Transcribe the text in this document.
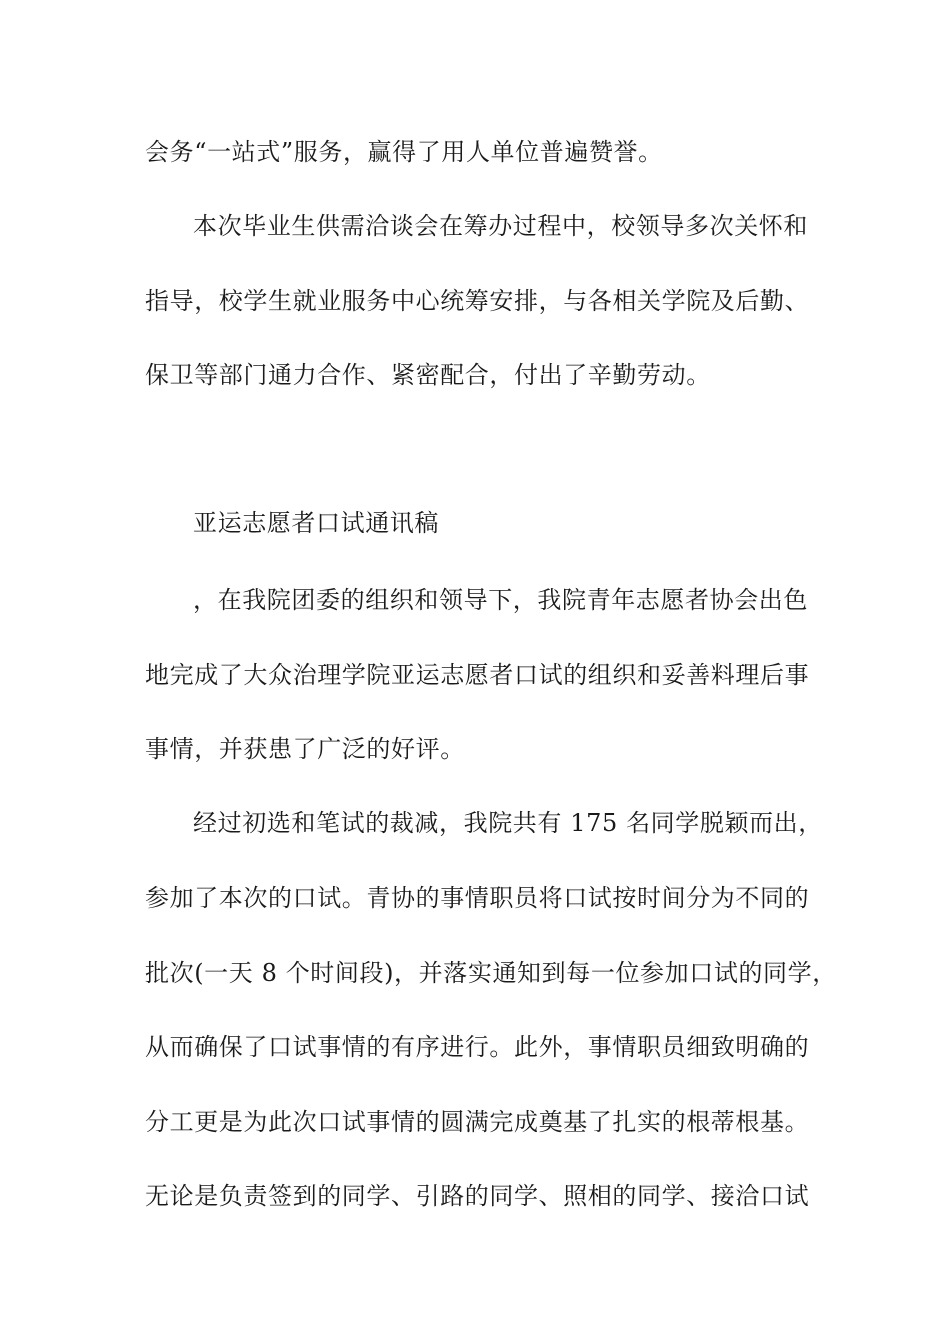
会务“一站式”服务，赢得了用人单位普遍赞誉。
本次毕业生供需洽谈会在筹办过程中，校领导多次关怀和
指导，校学生就业服务中心统筹安排，与各相关学院及后勤、
保卫等部门通力合作、紧密配合，付出了辛勤劳动。
亚运志愿者口试通讯稿
，在我院团委的组织和领导下，我院青年志愿者协会出色
地完成了大众治理学院亚运志愿者口试的组织和妥善料理后事
事情，并获患了广泛的好评。
经过初选和笔试的裁减，我院共有 175 名同学脱颖而出，
参加了本次的口试。青协的事情职员将口试按时间分为不同的
批次(一天 8 个时间段)，并落实通知到每一位参加口试的同学，
从而确保了口试事情的有序进行。此外，事情职员细致明确的
分工更是为此次口试事情的圆满完成奠基了扎实的根蒂根基。
无论是负责签到的同学、引路的同学、照相的同学、接洽口试
